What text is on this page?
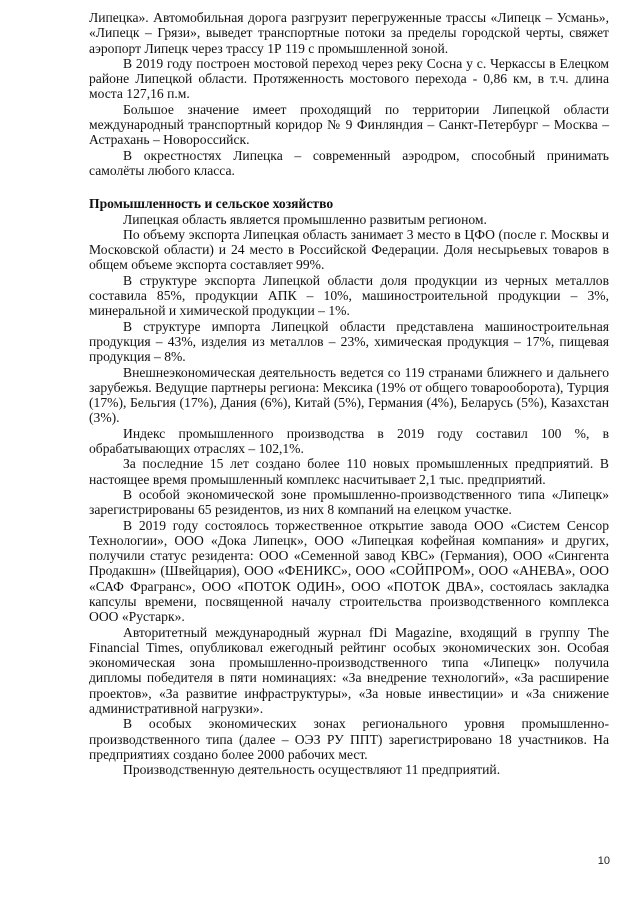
Липецка». Автомобильная дорога разгрузит перегруженные трассы «Липецк – Усмань», «Липецк – Грязи», выведет транспортные потоки за пределы городской черты, свяжет аэропорт Липецк через трассу 1Р 119 с промышленной зоной.

В 2019 году построен мостовой переход через реку Сосна у с. Черкассы в Елецком районе Липецкой области. Протяженность мостового перехода - 0,86 км, в т.ч. длина моста 127,16 п.м.

Большое значение имеет проходящий по территории Липецкой области международный транспортный коридор № 9 Финляндия – Санкт-Петербург – Москва – Астрахань – Новороссийск.

В окрестностях Липецка – современный аэродром, способный принимать самолёты любого класса.

Промышленность и сельское хозяйство

Липецкая область является промышленно развитым регионом.

По объему экспорта Липецкая область занимает 3 место в ЦФО (после г. Москвы и Московской области) и 24 место в Российской Федерации. Доля несырьевых товаров в общем объеме экспорта составляет 99%.

В структуре экспорта Липецкой области доля продукции из черных металлов составила 85%, продукции АПК – 10%, машиностроительной продукции – 3%, минеральной и химической продукции – 1%.

В структуре импорта Липецкой области представлена машиностроительная продукция – 43%, изделия из металлов – 23%, химическая продукция – 17%, пищевая продукция – 8%.

Внешнеэкономическая деятельность ведется со 119 странами ближнего и дальнего зарубежья. Ведущие партнеры региона: Мексика (19% от общего товарооборота), Турция (17%), Бельгия (17%), Дания (6%), Китай (5%), Германия (4%), Беларусь (5%), Казахстан (3%).

Индекс промышленного производства в 2019 году составил 100 %, в обрабатывающих отраслях – 102,1%.

За последние 15 лет создано более 110 новых промышленных предприятий. В настоящее время промышленный комплекс насчитывает 2,1 тыс. предприятий.

В особой экономической зоне промышленно-производственного типа «Липецк» зарегистрированы 65 резидентов, из них 8 компаний на елецком участке.

В 2019 году состоялось торжественное открытие завода ООО «Систем Сенсор Технологии», ООО «Дока Липецк», ООО «Липецкая кофейная компания» и других, получили статус резидента: ООО «Семенной завод КВС» (Германия), ООО «Сингента Продакшн» (Швейцария), ООО «ФЕНИКС», ООО «СОЙПРОМ», ООО «АНЕВА», ООО «САФ Фрагранс», ООО «ПОТОК ОДИН», ООО «ПОТОК ДВА», состоялась закладка капсулы времени, посвященной началу строительства производственного комплекса ООО «Рустарк».

Авторитетный международный журнал fDi Magazine, входящий в группу The Financial Times, опубликовал ежегодный рейтинг особых экономических зон. Особая экономическая зона промышленно-производственного типа «Липецк» получила дипломы победителя в пяти номинациях: «За внедрение технологий», «За расширение проектов», «За развитие инфраструктуры», «За новые инвестиции» и «За снижение административной нагрузки».

В особых экономических зонах регионального уровня промышленно-производственного типа (далее – ОЭЗ РУ ППТ) зарегистрировано 18 участников. На предприятиях создано более 2000 рабочих мест.

Производственную деятельность осуществляют 11 предприятий.

10
